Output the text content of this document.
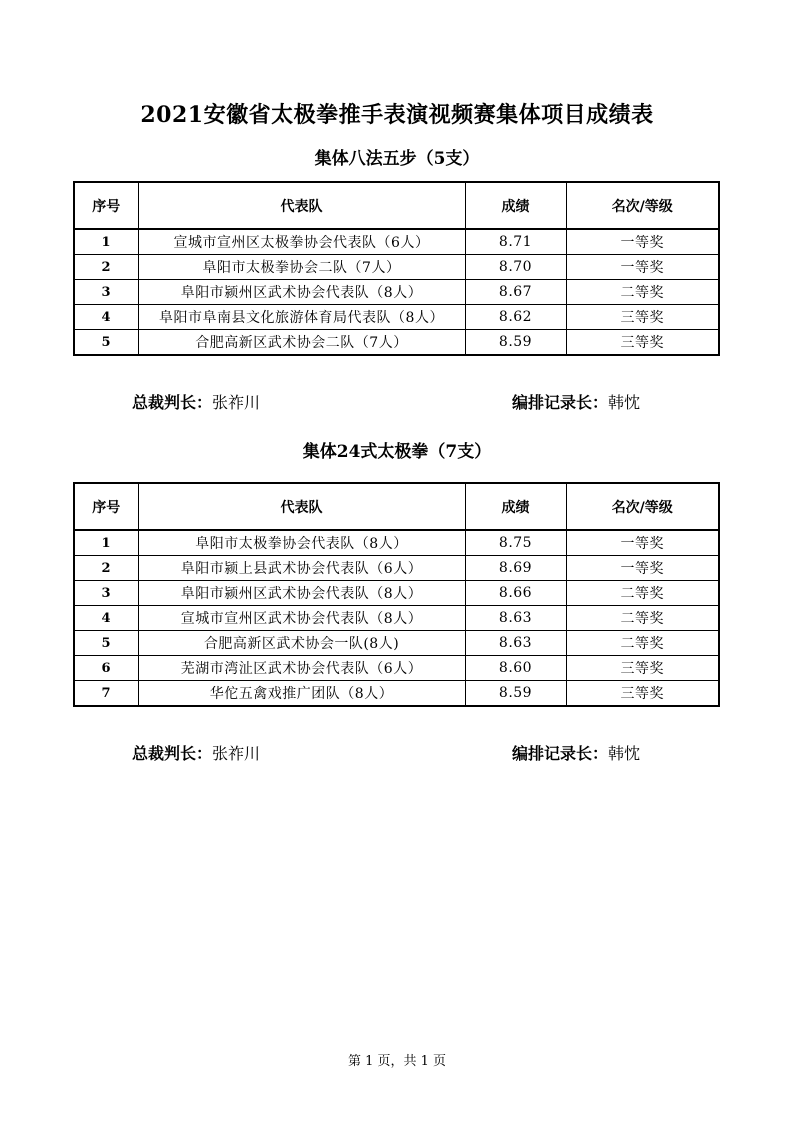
2021安徽省太极拳推手表演视频赛集体项目成绩表
集体八法五步（5支）
序号	代表队	成绩	名次/等级
1	宣城市宣州区太极拳协会代表队（6人）	8.71	一等奖
2	阜阳市太极拳协会二队（7人）	8.70	一等奖
3	阜阳市颍州区武术协会代表队（8人）	8.67	二等奖
4	阜阳市阜南县文化旅游体育局代表队（8人）	8.62	三等奖
5	合肥高新区武术协会二队（7人）	8.59	三等奖
总裁判长：张祚川	编排记录长：韩忱
集体24式太极拳（7支）
序号	代表队	成绩	名次/等级
1	阜阳市太极拳协会代表队（8人）	8.75	一等奖
2	阜阳市颍上县武术协会代表队（6人）	8.69	一等奖
3	阜阳市颍州区武术协会代表队（8人）	8.66	二等奖
4	宣城市宣州区武术协会代表队（8人）	8.63	二等奖
5	合肥高新区武术协会一队(8人)	8.63	二等奖
6	芜湖市湾沚区武术协会代表队（6人）	8.60	三等奖
7	华佗五禽戏推广团队（8人）	8.59	三等奖
总裁判长：张祚川	编排记录长：韩忱
第 1 页，共 1 页
